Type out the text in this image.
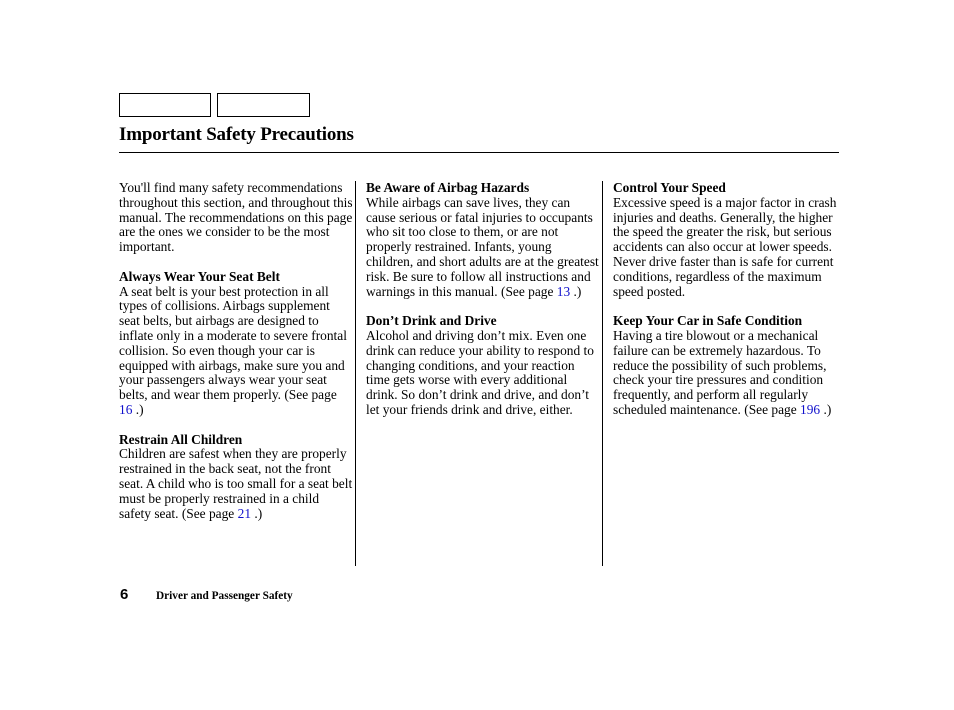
Important Safety Precautions

You'll find many safety recommendations throughout this section, and throughout this manual. The recommendations on this page are the ones we consider to be the most important.

Always Wear Your Seat Belt
A seat belt is your best protection in all types of collisions. Airbags supplement seat belts, but airbags are designed to inflate only in a moderate to severe frontal collision. So even though your car is equipped with airbags, make sure you and your passengers always wear your seat belts, and wear them properly. (See page 16 .)
Restrain All Children
Children are safest when they are properly restrained in the back seat, not the front seat. A child who is too small for a seat belt must be properly restrained in a child safety seat. (See page 21 .)
Be Aware of Airbag Hazards
While airbags can save lives, they can cause serious or fatal injuries to occupants who sit too close to them, or are not properly restrained. Infants, young children, and short adults are at the greatest risk. Be sure to follow all instructions and warnings in this manual. (See page 13 .)
Don’t Drink and Drive
Alcohol and driving don’t mix. Even one drink can reduce your ability to respond to changing conditions, and your reaction time gets worse with every additional drink. So don’t drink and drive, and don’t let your friends drink and drive, either.
Control Your Speed
Excessive speed is a major factor in crash injuries and deaths. Generally, the higher the speed the greater the risk, but serious accidents can also occur at lower speeds. Never drive faster than is safe for current conditions, regardless of the maximum speed posted.
Keep Your Car in Safe Condition
Having a tire blowout or a mechanical failure can be extremely hazardous. To reduce the possibility of such problems, check your tire pressures and condition frequently, and perform all regularly scheduled maintenance. (See page 196 .)
6 Driver and Passenger Safety
